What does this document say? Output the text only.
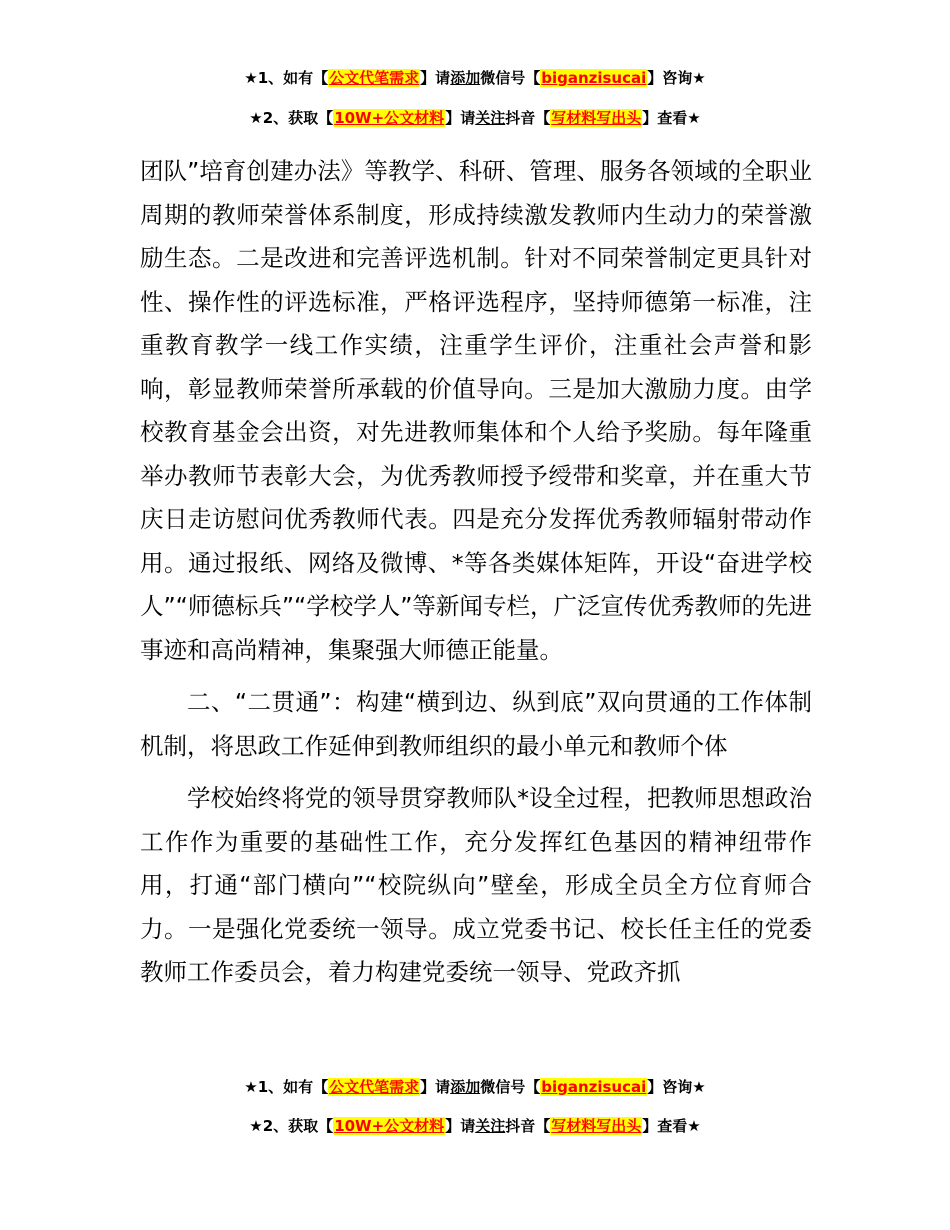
★1、如有【公文代笔需求】请添加微信号【biganzisucai】咨询★
★2、获取【10W+公文材料】请关注抖音【写材料写出头】查看★

团队”培育创建办法》等教学、科研、管理、服务各领域的全职业周期的教师荣誉体系制度，形成持续激发教师内生动力的荣誉激励生态。二是改进和完善评选机制。针对不同荣誉制定更具针对性、操作性的评选标准，严格评选程序，坚持师德第一标准，注重教育教学一线工作实绩，注重学生评价，注重社会声誉和影响，彰显教师荣誉所承载的价值导向。三是加大激励力度。由学校教育基金会出资，对先进教师集体和个人给予奖励。每年隆重举办教师节表彰大会，为优秀教师授予绶带和奖章，并在重大节庆日走访慰问优秀教师代表。四是充分发挥优秀教师辐射带动作用。通过报纸、网络及微博、*等各类媒体矩阵，开设“奋进学校人”“师德标兵”“学校学人”等新闻专栏，广泛宣传优秀教师的先进事迹和高尚精神，集聚强大师德正能量。

二、“二贯通”：构建“横到边、纵到底”双向贯通的工作体制机制，将思政工作延伸到教师组织的最小单元和教师个体

学校始终将党的领导贯穿教师队*设全过程，把教师思想政治工作作为重要的基础性工作，充分发挥红色基因的精神纽带作用，打通“部门横向”“校院纵向”壁垒，形成全员全方位育师合力。一是强化党委统一领导。成立党委书记、校长任主任的党委教师工作委员会，着力构建党委统一领导、党政齐抓

★1、如有【公文代笔需求】请添加微信号【biganzisucai】咨询★
★2、获取【10W+公文材料】请关注抖音【写材料写出头】查看★
